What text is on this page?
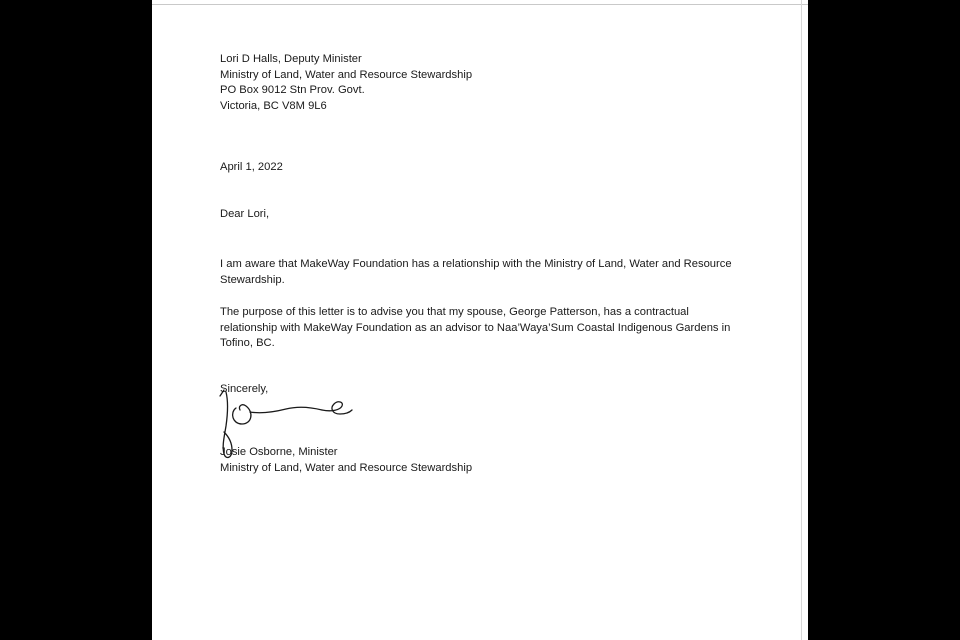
Lori D Halls, Deputy Minister
Ministry of Land, Water and Resource Stewardship
PO Box 9012 Stn Prov. Govt.
Victoria, BC V8M 9L6
April 1, 2022
Dear Lori,
I am aware that MakeWay Foundation has a relationship with the Ministry of Land, Water and Resource
Stewardship.
The purpose of this letter is to advise you that my spouse, George Patterson, has a contractual
relationship with MakeWay Foundation as an advisor to Naa’Waya’Sum Coastal Indigenous Gardens in
Tofino, BC.
Sincerely,
Josie Osborne, Minister
Ministry of Land, Water and Resource Stewardship
